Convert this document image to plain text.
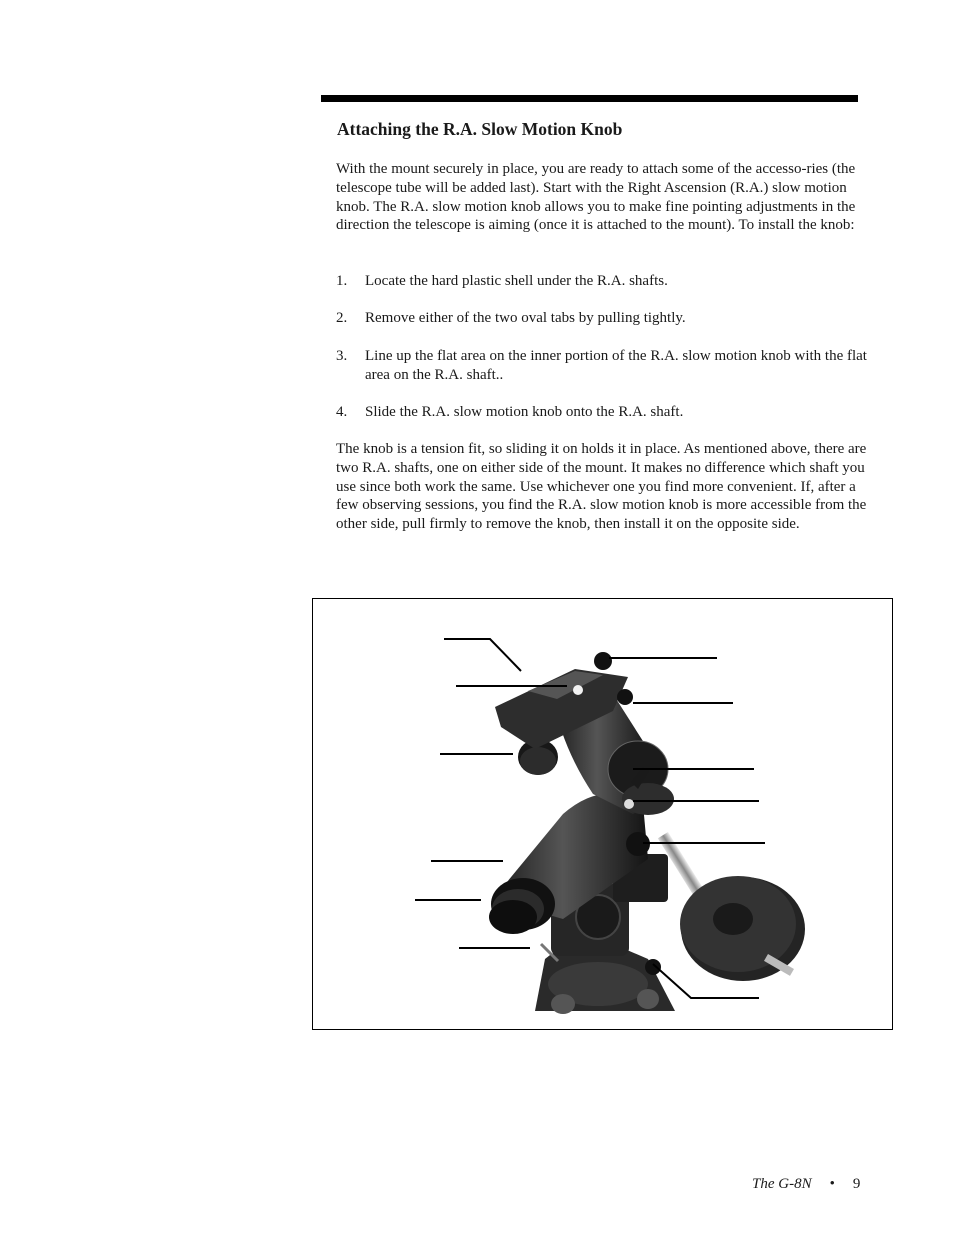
Attaching the R.A. Slow Motion Knob

With the mount securely in place, you are ready to attach some of the accesso-ries (the telescope tube will be added last). Start with the Right Ascension (R.A.) slow motion knob. The R.A. slow motion knob allows you to make fine pointing adjustments in the direction the telescope is aiming (once it is attached to the mount). To install the knob:

1. Locate the hard plastic shell under the R.A. shafts.
2. Remove either of the two oval tabs by pulling tightly.
3. Line up the flat area on the inner portion of the R.A. slow motion knob with the flat area on the R.A. shaft..
4. Slide the R.A. slow motion knob onto the R.A. shaft.

The knob is a tension fit, so sliding it on holds it in place. As mentioned above, there are two R.A. shafts, one on either side of the mount. It makes no difference which shaft you use since both work the same. Use whichever one you find more convenient. If, after a few observing sessions, you find the R.A. slow motion knob is more accessible from the other side, pull firmly to remove the knob, then install it on the opposite side.

The G-8N • 9
